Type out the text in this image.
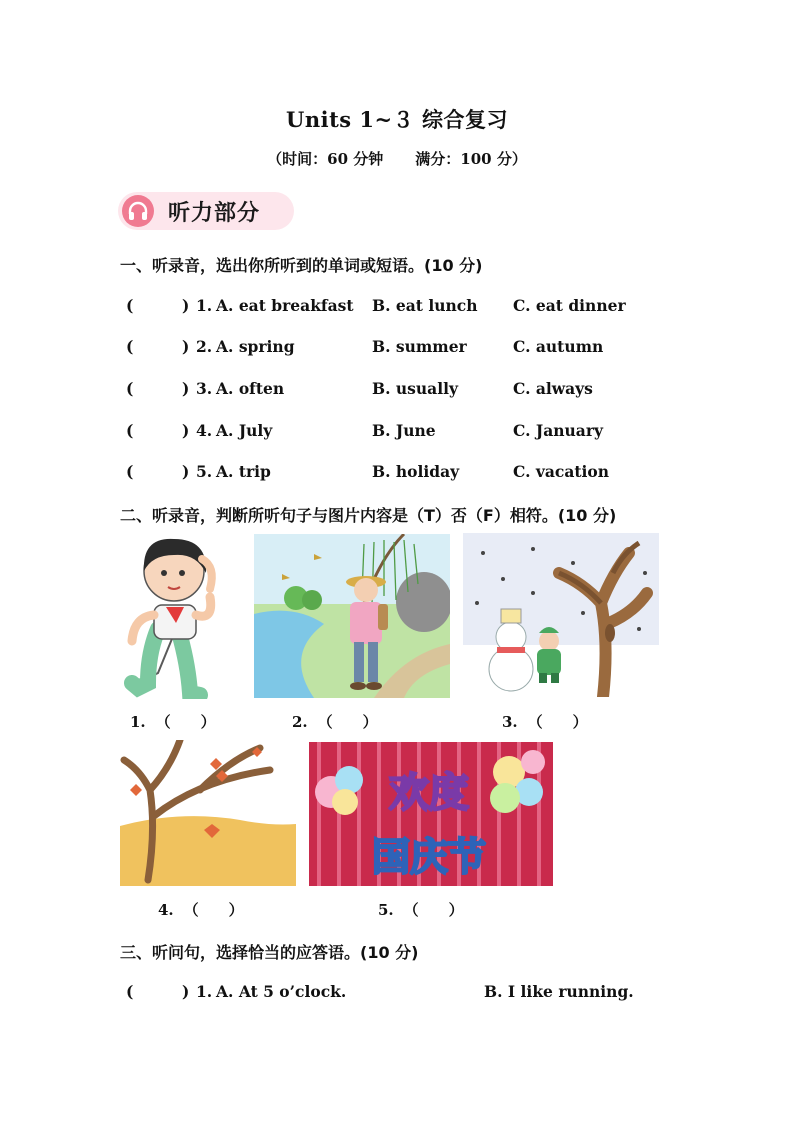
Units 1~３ 综合复习
（时间：60 分钟 满分：100 分）
听力部分
一、听录音，选出你所听到的单词或短语。(10 分)
(	) 1. A. eat breakfast B. eat lunch C. eat dinner
(	) 2. A. spring	B. summer	C. autumn
(	) 3. A. often	B. usually	C. always
(	) 4. A. July	B. June	C. January
(	) 5. A. trip	B. holiday	C. vacation
二、听录音，判断所听句子与图片内容是（T）否（F）相符。(10 分)
1. （　　）	2. （　　）	3. （　　）
欢度
国庆节
4. （　　）	5. （　　）
三、听问句，选择恰当的应答语。(10 分)
(	) 1. A. At 5 o’clock.	B. I like running.
